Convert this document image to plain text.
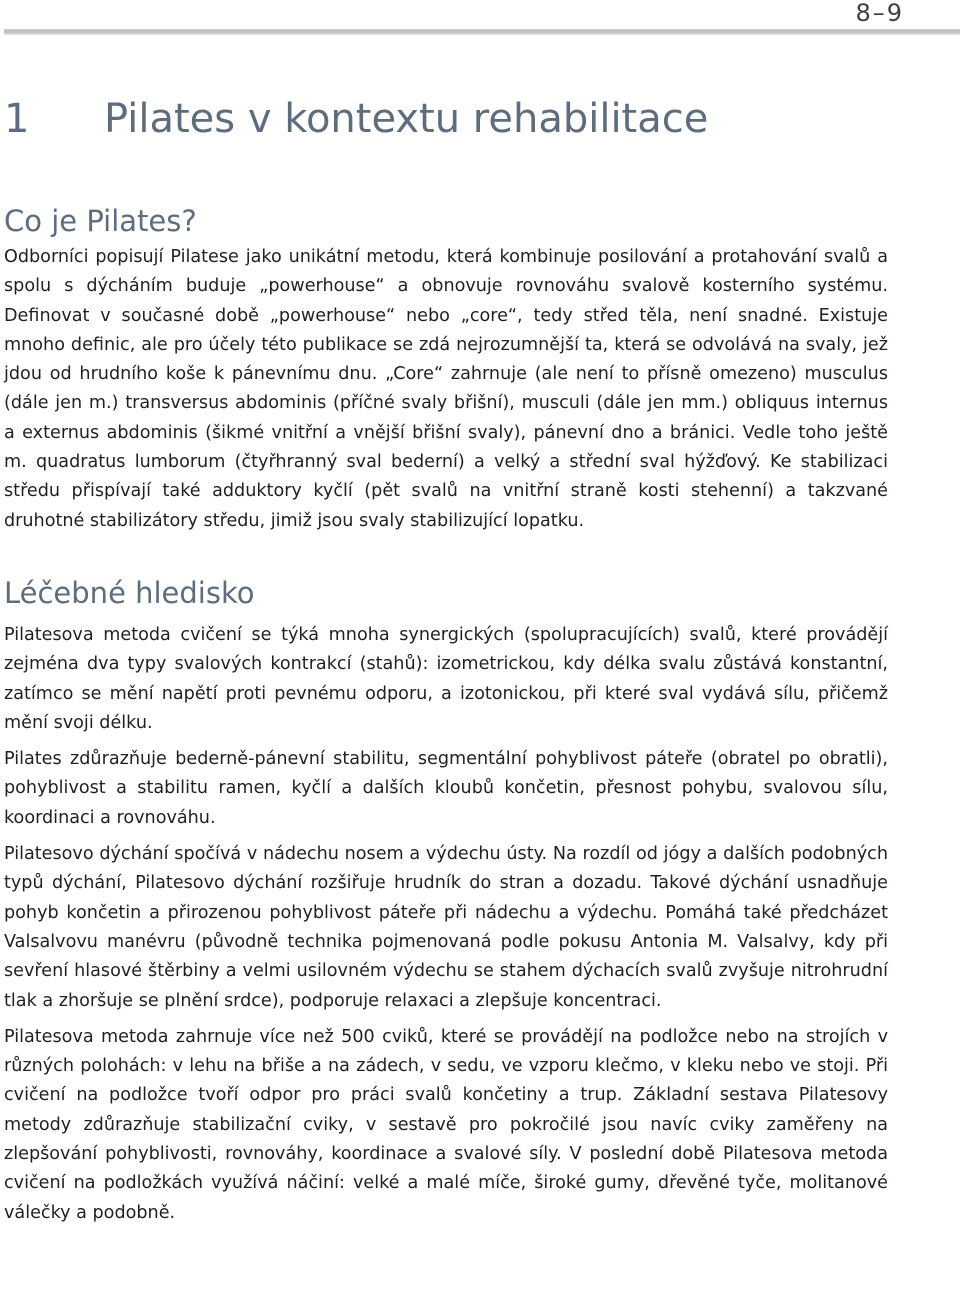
8–9
1 Pilates v kontextu rehabilitace
Co je Pilates?

Odborníci popisují Pilatese jako unikátní metodu, která kombinuje posilování a protahování svalů a spolu s dýcháním buduje „powerhouse“ a obnovuje rovnováhu svalově kosterního systému. Definovat v současné době „powerhouse“ nebo „core“, tedy střed těla, není snadné. Existuje mnoho definic, ale pro účely této publikace se zdá nejrozumnější ta, která se odvolává na svaly, jež jdou od hrudního koše k pánevnímu dnu. „Core“ zahrnuje (ale není to přísně omezeno) musculus (dále jen m.) transversus abdominis (příčné svaly břišní), musculi (dále jen mm.) obliquus internus a externus abdominis (šikmé vnitřní a vnější břišní svaly), pánevní dno a bránici. Vedle toho ještě m. quadratus lumborum (čtyřhranný sval bederní) a velký a střední sval hýžďový. Ke stabilizaci středu přispívají také adduktory kyčlí (pět svalů na vnitřní straně kosti stehenní) a takzvané druhotné stabilizátory středu, jimiž jsou svaly stabilizující lopatku.

Léčebné hledisko

Pilatesova metoda cvičení se týká mnoha synergických (spolupracujících) svalů, které provádějí zejména dva typy svalových kontrakcí (stahů): izometrickou, kdy délka svalu zůstává konstantní, zatímco se mění napětí proti pevnému odporu, a izotonickou, při které sval vydává sílu, přičemž mění svoji délku.

Pilates zdůrazňuje bederně-pánevní stabilitu, segmentální pohyblivost páteře (obratel po obratli), pohyblivost a stabilitu ramen, kyčlí a dalších kloubů končetin, přesnost pohybu, svalovou sílu, koordinaci a rovnováhu.

Pilatesovo dýchání spočívá v nádechu nosem a výdechu ústy. Na rozdíl od jógy a dalších podobných typů dýchání, Pilatesovo dýchání rozšiřuje hrudník do stran a dozadu. Takové dýchání usnadňuje pohyb končetin a přirozenou pohyblivost páteře při nádechu a výdechu. Pomáhá také předcházet Valsalvovu manévru (původně technika pojmenovaná podle pokusu Antonia M. Valsalvy, kdy při sevření hlasové štěrbiny a velmi usilovném výdechu se stahem dýchacích svalů zvyšuje nitrohrudní tlak a zhoršuje se plnění srdce), podporuje relaxaci a zlepšuje koncentraci.

Pilatesova metoda zahrnuje více než 500 cviků, které se provádějí na podložce nebo na strojích v různých polohách: v lehu na břiše a na zádech, v sedu, ve vzporu klečmo, v kleku nebo ve stoji. Při cvičení na podložce tvoří odpor pro práci svalů končetiny a trup. Základní sestava Pilatesovy metody zdůrazňuje stabilizační cviky, v sestavě pro pokročilé jsou navíc cviky zaměřeny na zlepšování pohyblivosti, rovnováhy, koordinace a svalové síly. V poslední době Pilatesova metoda cvičení na podložkách využívá náčiní: velké a malé míče, široké gumy, dřevěné tyče, molitanové válečky a podobně.
